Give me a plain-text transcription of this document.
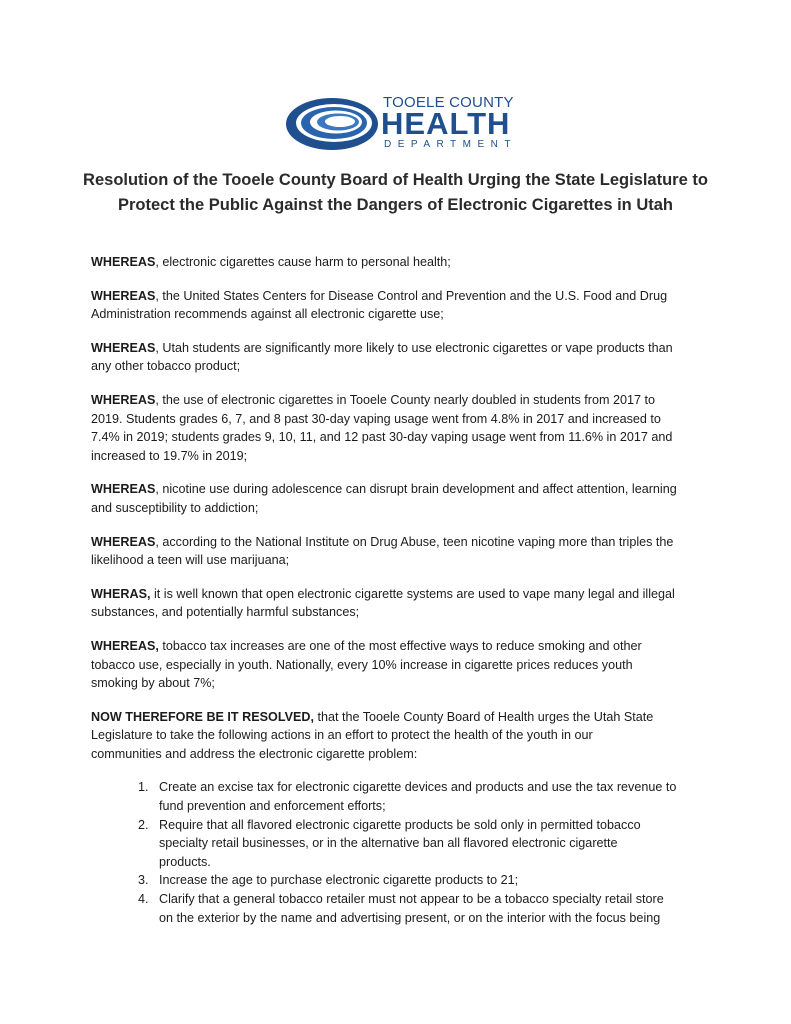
TOOELE COUNTY
HEALTH
DEPARTMENT
Resolution of the Tooele County Board of Health Urging the State Legislature to
Protect the Public Against the Dangers of Electronic Cigarettes in Utah
WHEREAS, electronic cigarettes cause harm to personal health;
WHEREAS, the United States Centers for Disease Control and Prevention and the U.S. Food and Drug
Administration recommends against all electronic cigarette use;
WHEREAS, Utah students are significantly more likely to use electronic cigarettes or vape products than
any other tobacco product;
WHEREAS, the use of electronic cigarettes in Tooele County nearly doubled in students from 2017 to
2019. Students grades 6, 7, and 8 past 30-day vaping usage went from 4.8% in 2017 and increased to
7.4% in 2019; students grades 9, 10, 11, and 12 past 30-day vaping usage went from 11.6% in 2017 and
increased to 19.7% in 2019;
WHEREAS, nicotine use during adolescence can disrupt brain development and affect attention, learning
and susceptibility to addiction;
WHEREAS, according to the National Institute on Drug Abuse, teen nicotine vaping more than triples the
likelihood a teen will use marijuana;
WHERAS, it is well known that open electronic cigarette systems are used to vape many legal and illegal
substances, and potentially harmful substances;
WHEREAS, tobacco tax increases are one of the most effective ways to reduce smoking and other
tobacco use, especially in youth. Nationally, every 10% increase in cigarette prices reduces youth
smoking by about 7%;
NOW THEREFORE BE IT RESOLVED, that the Tooele County Board of Health urges the Utah State
Legislature to take the following actions in an effort to protect the health of the youth in our
communities and address the electronic cigarette problem:
1. Create an excise tax for electronic cigarette devices and products and use the tax revenue to
fund prevention and enforcement efforts;
2. Require that all flavored electronic cigarette products be sold only in permitted tobacco
specialty retail businesses, or in the alternative ban all flavored electronic cigarette
products.
3. Increase the age to purchase electronic cigarette products to 21;
4. Clarify that a general tobacco retailer must not appear to be a tobacco specialty retail store
on the exterior by the name and advertising present, or on the interior with the focus being
